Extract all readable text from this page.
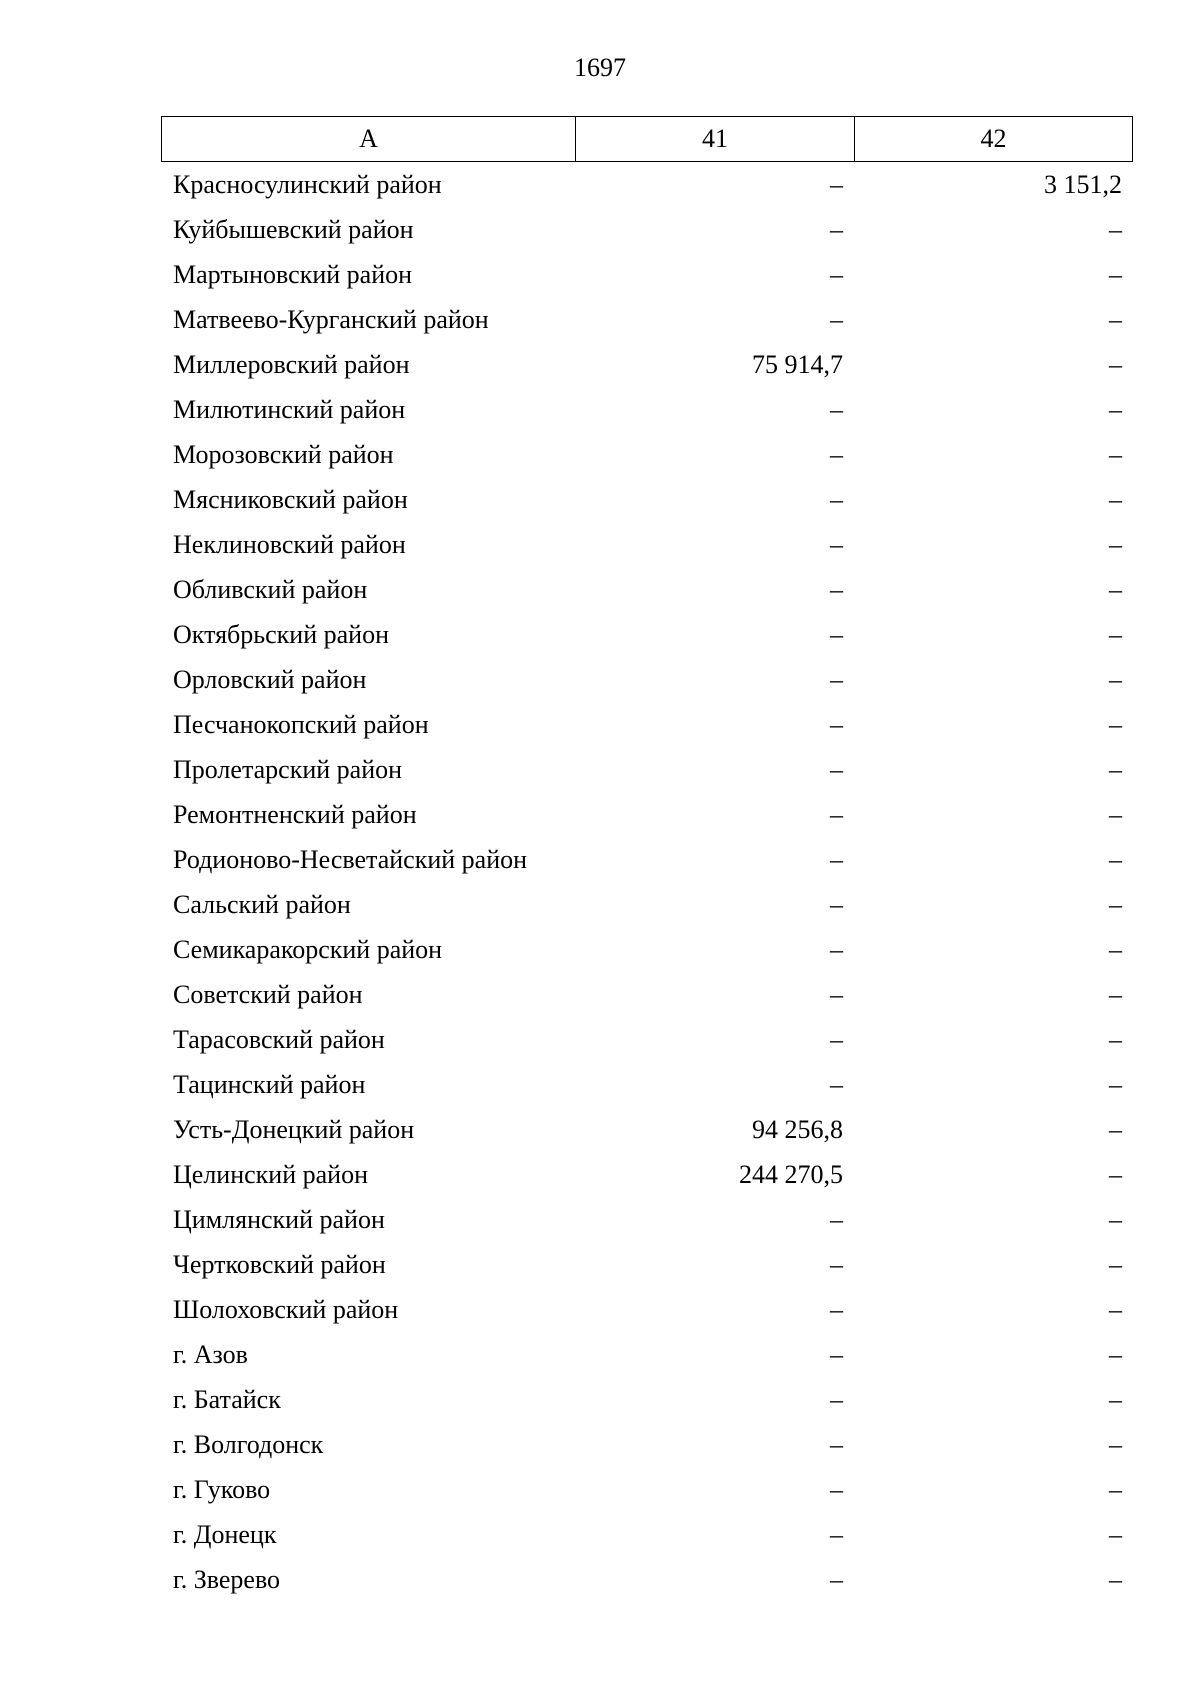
1697
А	41	42
Красносулинский район	–	3 151,2
Куйбышевский район	–	–
Мартыновский район	–	–
Матвеево-Курганский район	–	–
Миллеровский район	75 914,7	–
Милютинский район	–	–
Морозовский район	–	–
Мясниковский район	–	–
Неклиновский район	–	–
Обливский район	–	–
Октябрьский район	–	–
Орловский район	–	–
Песчанокопский район	–	–
Пролетарский район	–	–
Ремонтненский район	–	–
Родионово-Несветайский район	–	–
Сальский район	–	–
Семикаракорский район	–	–
Советский район	–	–
Тарасовский район	–	–
Тацинский район	–	–
Усть-Донецкий район	94 256,8	–
Целинский район	244 270,5	–
Цимлянский район	–	–
Чертковский район	–	–
Шолоховский район	–	–
г. Азов	–	–
г. Батайск	–	–
г. Волгодонск	–	–
г. Гуково	–	–
г. Донецк	–	–
г. Зверево	–	–
